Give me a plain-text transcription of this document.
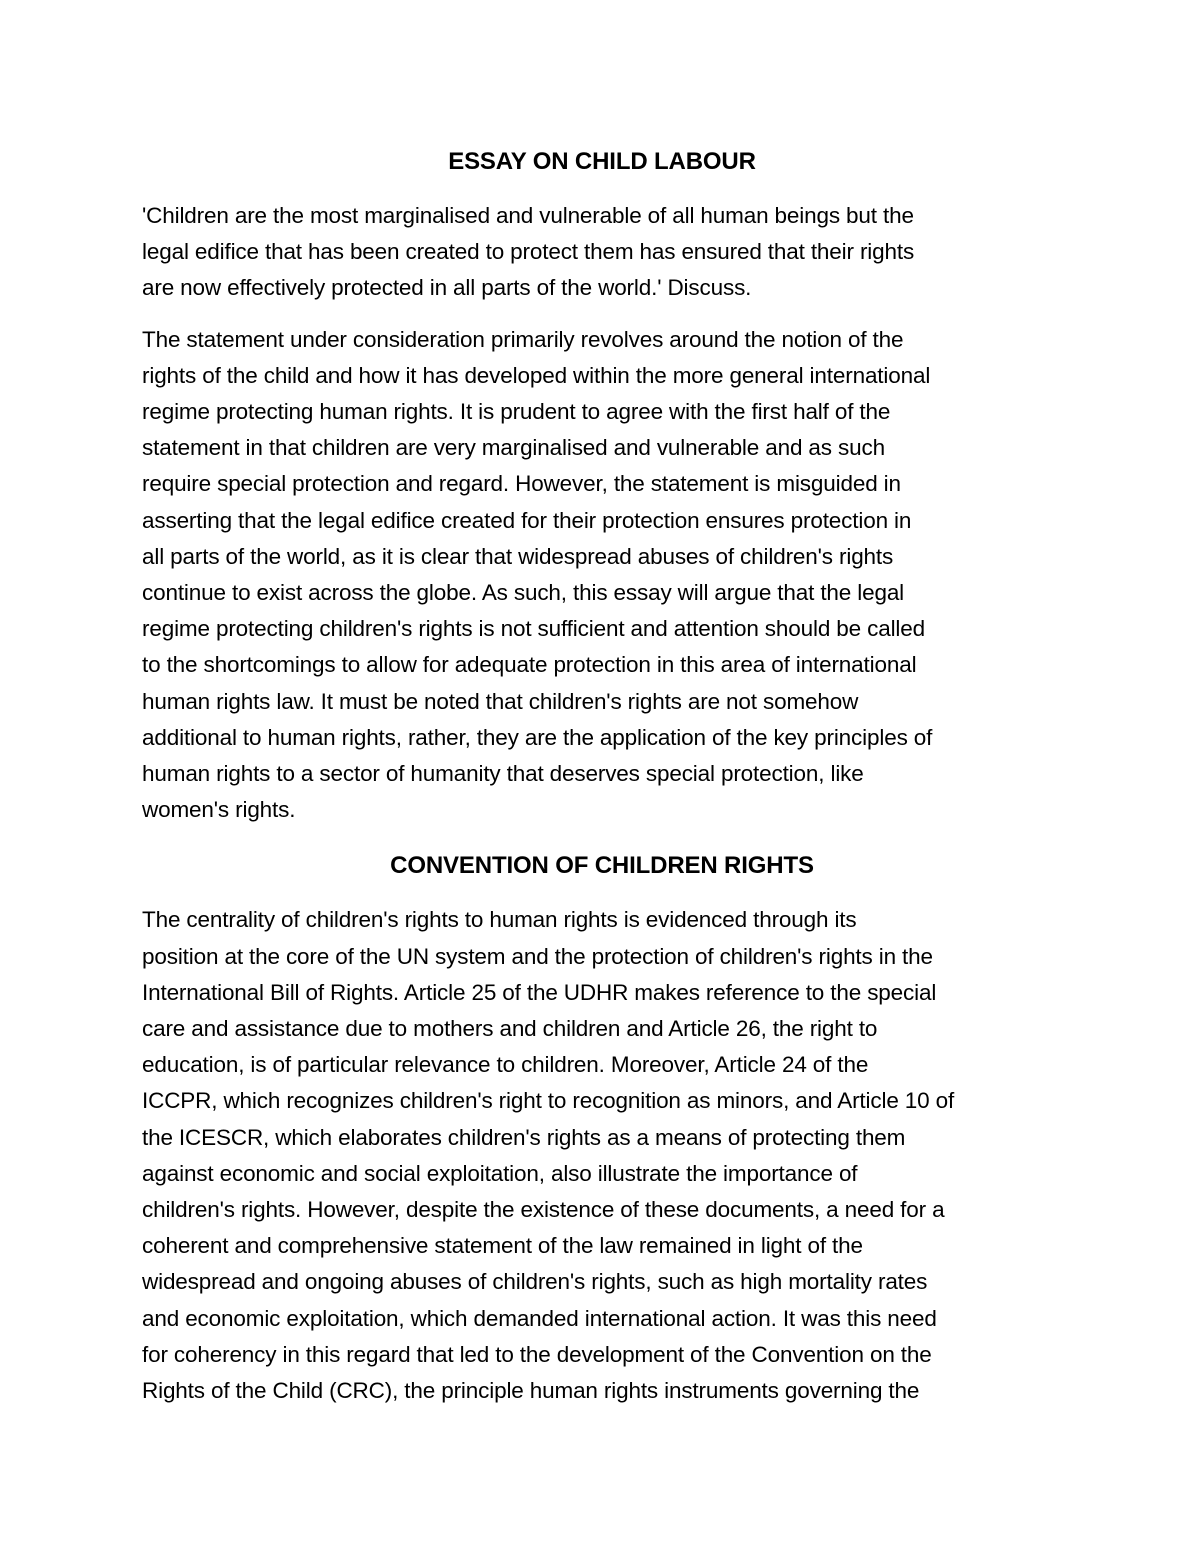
ESSAY ON CHILD LABOUR
'Children are the most marginalised and vulnerable of all human beings but the
legal edifice that has been created to protect them has ensured that their rights
are now effectively protected in all parts of the world.' Discuss.
The statement under consideration primarily revolves around the notion of the
rights of the child and how it has developed within the more general international
regime protecting human rights. It is prudent to agree with the first half of the
statement in that children are very marginalised and vulnerable and as such
require special protection and regard. However, the statement is misguided in
asserting that the legal edifice created for their protection ensures protection in
all parts of the world, as it is clear that widespread abuses of children's rights
continue to exist across the globe. As such, this essay will argue that the legal
regime protecting children's rights is not sufficient and attention should be called
to the shortcomings to allow for adequate protection in this area of international
human rights law. It must be noted that children's rights are not somehow
additional to human rights, rather, they are the application of the key principles of
human rights to a sector of humanity that deserves special protection, like
women's rights.
CONVENTION OF CHILDREN RIGHTS
The centrality of children's rights to human rights is evidenced through its
position at the core of the UN system and the protection of children's rights in the
International Bill of Rights. Article 25 of the UDHR makes reference to the special
care and assistance due to mothers and children and Article 26, the right to
education, is of particular relevance to children. Moreover, Article 24 of the
ICCPR, which recognizes children's right to recognition as minors, and Article 10 of
the ICESCR, which elaborates children's rights as a means of protecting them
against economic and social exploitation, also illustrate the importance of
children's rights. However, despite the existence of these documents, a need for a
coherent and comprehensive statement of the law remained in light of the
widespread and ongoing abuses of children's rights, such as high mortality rates
and economic exploitation, which demanded international action. It was this need
for coherency in this regard that led to the development of the Convention on the
Rights of the Child (CRC), the principle human rights instruments governing the
